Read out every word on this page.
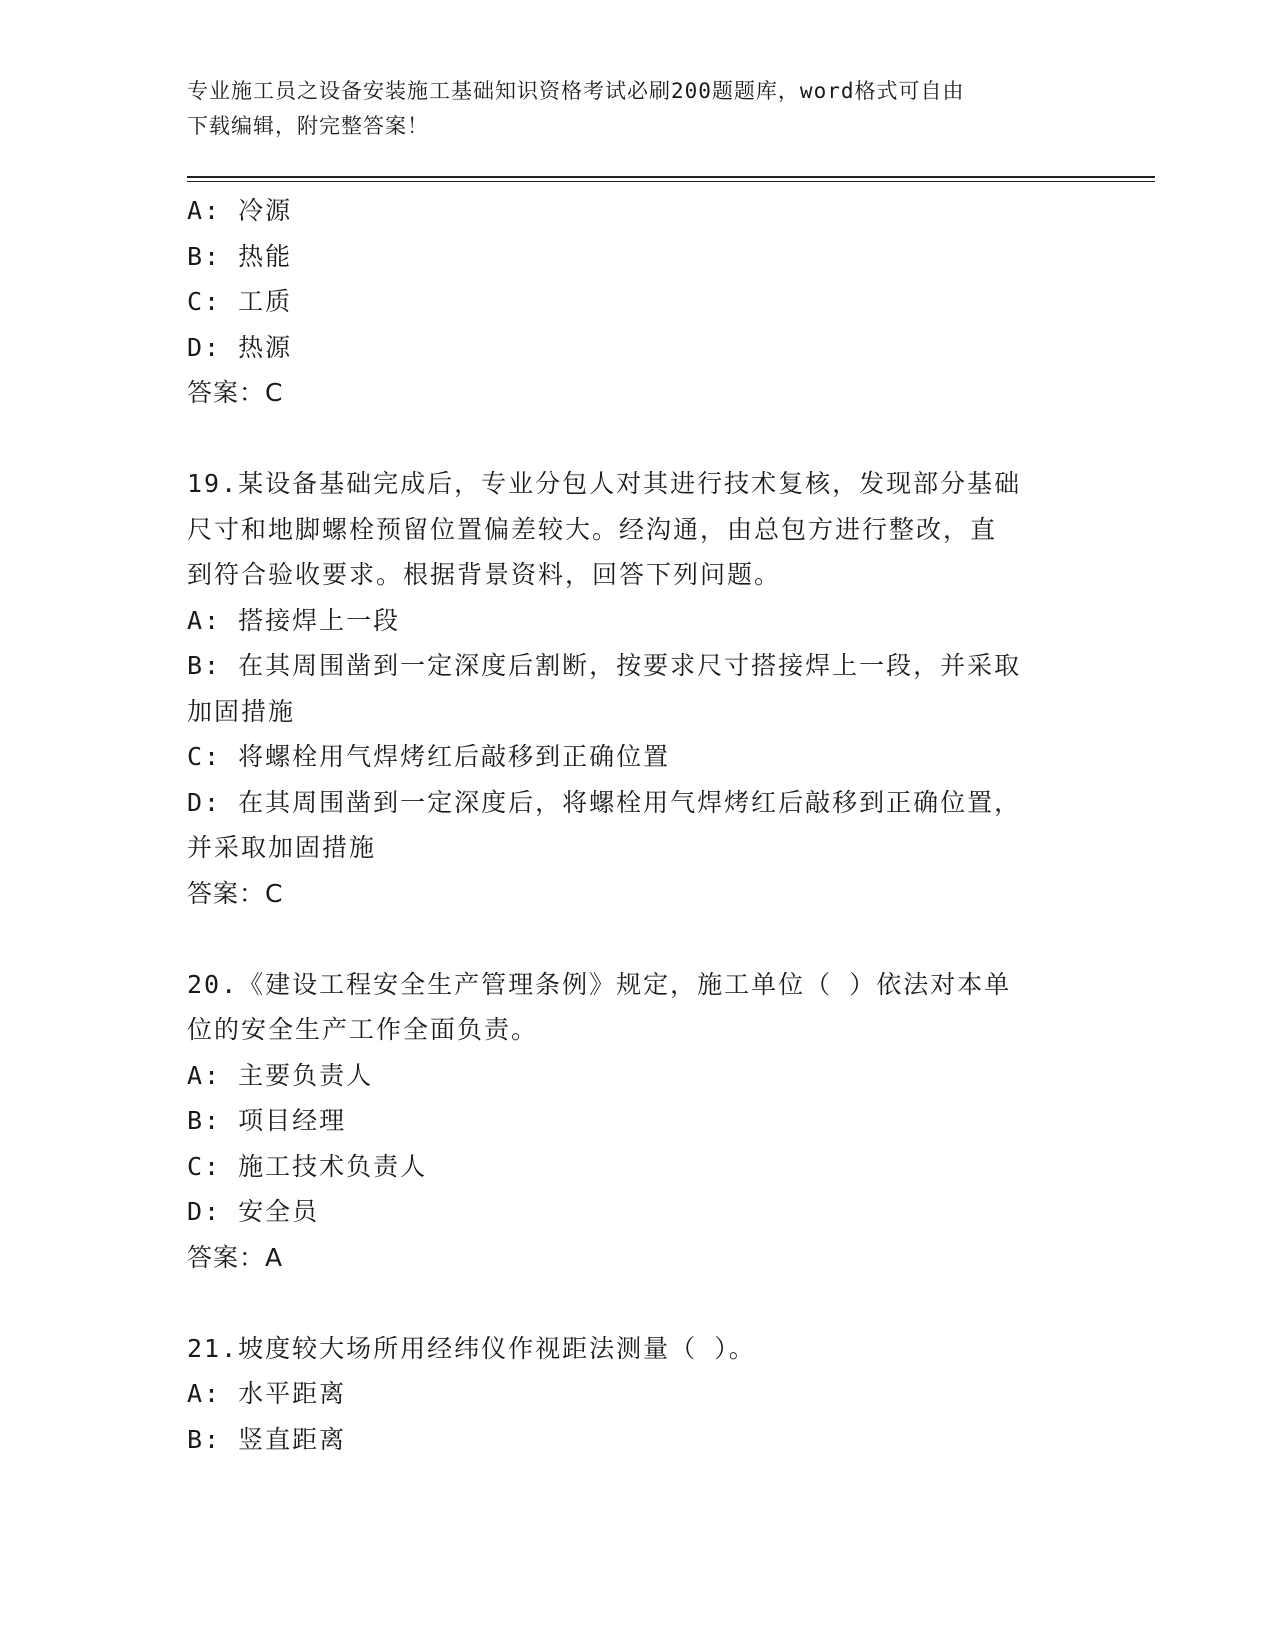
专业施工员之设备安装施工基础知识资格考试必刷200题题库，word格式可自由
下载编辑，附完整答案！
A: 冷源
B: 热能
C: 工质
D: 热源
答案：C
19.某设备基础完成后，专业分包人对其进行技术复核，发现部分基础
尺寸和地脚螺栓预留位置偏差较大。经沟通，由总包方进行整改，直
到符合验收要求。根据背景资料，回答下列问题。
A: 搭接焊上一段
B: 在其周围凿到一定深度后割断，按要求尺寸搭接焊上一段，并采取
加固措施
C: 将螺栓用气焊烤红后敲移到正确位置
D: 在其周围凿到一定深度后，将螺栓用气焊烤红后敲移到正确位置，
并采取加固措施
答案：C
20.《建设工程安全生产管理条例》规定，施工单位（ ）依法对本单
位的安全生产工作全面负责。
A: 主要负责人
B: 项目经理
C: 施工技术负责人
D: 安全员
答案：A
21.坡度较大场所用经纬仪作视距法测量（ ）。
A: 水平距离
B: 竖直距离
